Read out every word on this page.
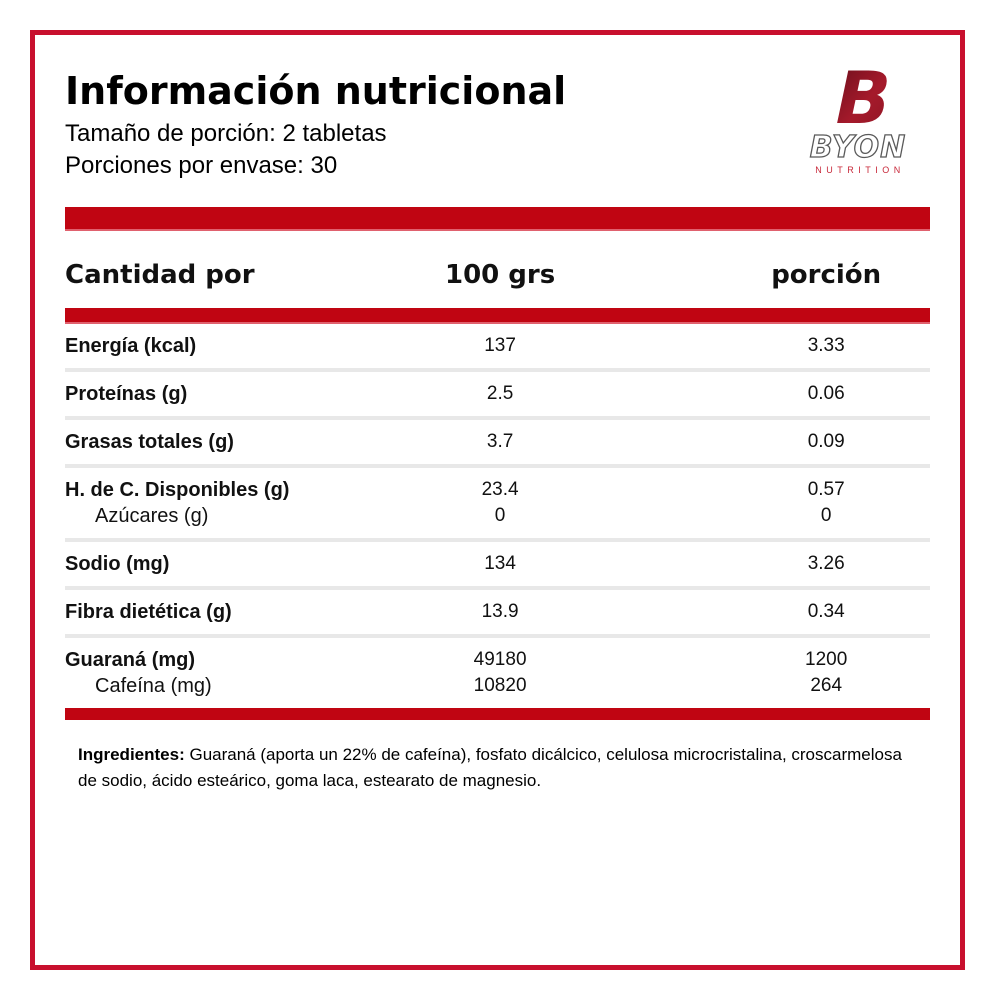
Información nutricional

Tamaño de porción: 2 tabletas

Porciones por envase: 30

B
BYON
NUTRITION
Cantidad por	100 grs	porción
Energía (kcal)	137	3.33
Proteínas (g)	2.5	0.06
Grasas totales (g)	3.7	0.09
H. de C. Disponibles (g)	23.4	0.57
Azúcares (g)	0	0
Sodio (mg)	134	3.26
Fibra dietética (g)	13.9	0.34
Guaraná (mg)	49180	1200
Cafeína (mg)	10820	264

Ingredientes: Guaraná (aporta un 22% de cafeína), fosfato dicálcico, celulosa microcristalina, croscarmelosa de sodio, ácido esteárico, goma laca, estearato de magnesio.
